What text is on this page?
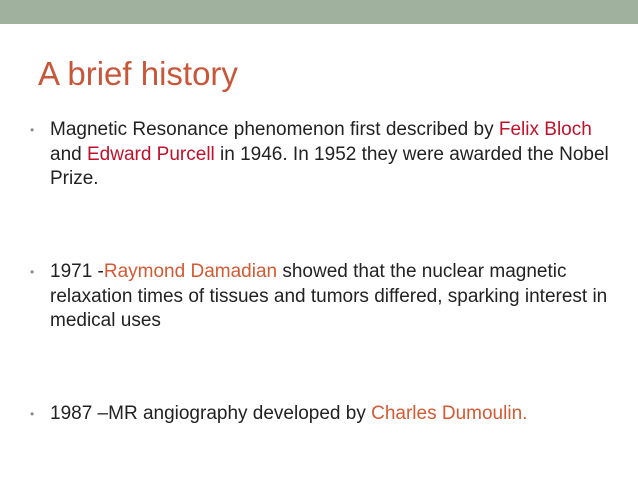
A brief history
• Magnetic Resonance phenomenon first described by Felix Bloch and Edward Purcell in 1946. In 1952 they were awarded the Nobel Prize.
• 1971 -Raymond Damadian showed that the nuclear magnetic relaxation times of tissues and tumors differed, sparking interest in medical uses
• 1987 –MR angiography developed by Charles Dumoulin.
